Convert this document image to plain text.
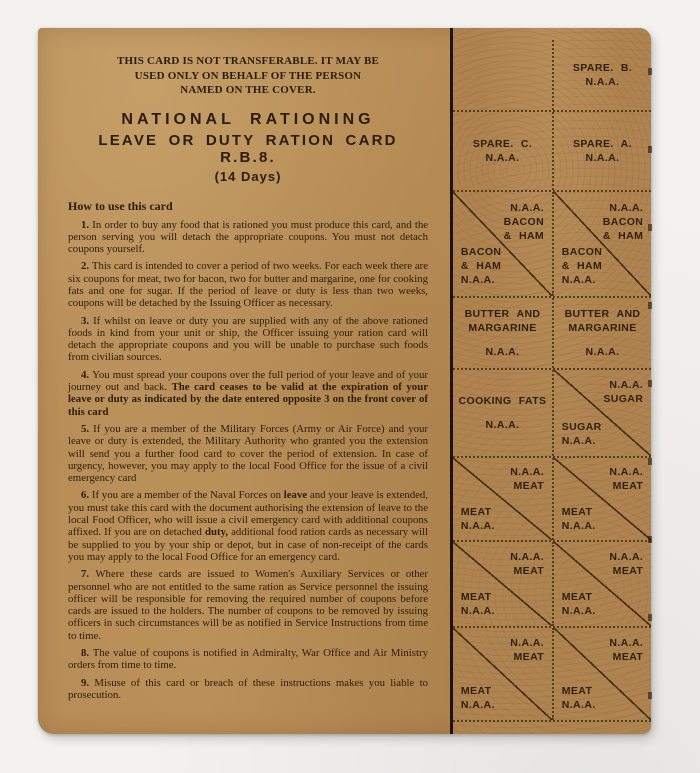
THIS CARD IS NOT TRANSFERABLE. IT MAY BE
USED ONLY ON BEHALF OF THE PERSON
NAMED ON THE COVER.
NATIONAL RATIONING
LEAVE OR DUTY RATION CARD R.B.8.
(14 Days)
How to use this card

1. In order to buy any food that is rationed you must produce this card, and the person serving you will detach the appropriate coupons. You must not detach coupons yourself.

2. This card is intended to cover a period of two weeks. For each week there are six coupons for meat, two for bacon, two for butter and margarine, one for cooking fats and one for sugar. If the period of leave or duty is less than two weeks, coupons will be detached by the Issuing Officer as necessary.

3. If whilst on leave or duty you are supplied with any of the above rationed foods in kind from your unit or ship, the Officer issuing your ration card will detach the appropriate coupons and you will be unable to purchase such foods from civilian sources.

4. You must spread your coupons over the full period of your leave and of your journey out and back. The card ceases to be valid at the expiration of your leave or duty as indicated by the date entered opposite 3 on the front cover of this card

5. If you are a member of the Military Forces (Army or Air Force) and your leave or duty is extended, the Military Authority who granted you the extension will send you a further food card to cover the period of extension. In case of urgency, however, you may apply to the local Food Office for the issue of a civil emergency card

6. If you are a member of the Naval Forces on leave and your leave is extended, you must take this card with the document authorising the extension of leave to the local Food Officer, who will issue a civil emergency card with additional coupons affixed. If you are on detached duty, additional food ration cards as necessary will be supplied to you by your ship or depot, but in case of non-receipt of the cards you may apply to the local Food Office for an emergency card.

7. Where these cards are issued to Women's Auxiliary Services or other personnel who are not entitled to the same ration as Service personnel the issuing officer will be responsible for removing the required number of coupons before cards are issued to the holders. The number of coupons to be removed by issuing officers in such circumstances will be as notified in Service Instructions from time to time.

8. The value of coupons is notified in Admiralty, War Office and Air Ministry orders from time to time.

9. Misuse of this card or breach of these instructions makes you liable to prosecution.

SPARE. B.
N.A.A.
SPARE. C.
N.A.A.
SPARE. A.
N.A.A.
N.A.A.
BACON
& HAM
BACON
& HAM
N.A.A.
N.A.A.
BACON
& HAM
BACON
& HAM
N.A.A.
BUTTER AND
MARGARINE
N.A.A.
BUTTER AND
MARGARINE
N.A.A.
COOKING FATS
N.A.A.
N.A.A.
SUGAR
SUGAR
N.A.A.
N.A.A.
MEAT
MEAT
N.A.A.
N.A.A.
MEAT
MEAT
N.A.A.
N.A.A.
MEAT
MEAT
N.A.A.
N.A.A.
MEAT
MEAT
N.A.A.
N.A.A.
MEAT
MEAT
N.A.A.
N.A.A.
MEAT
MEAT
N.A.A.
